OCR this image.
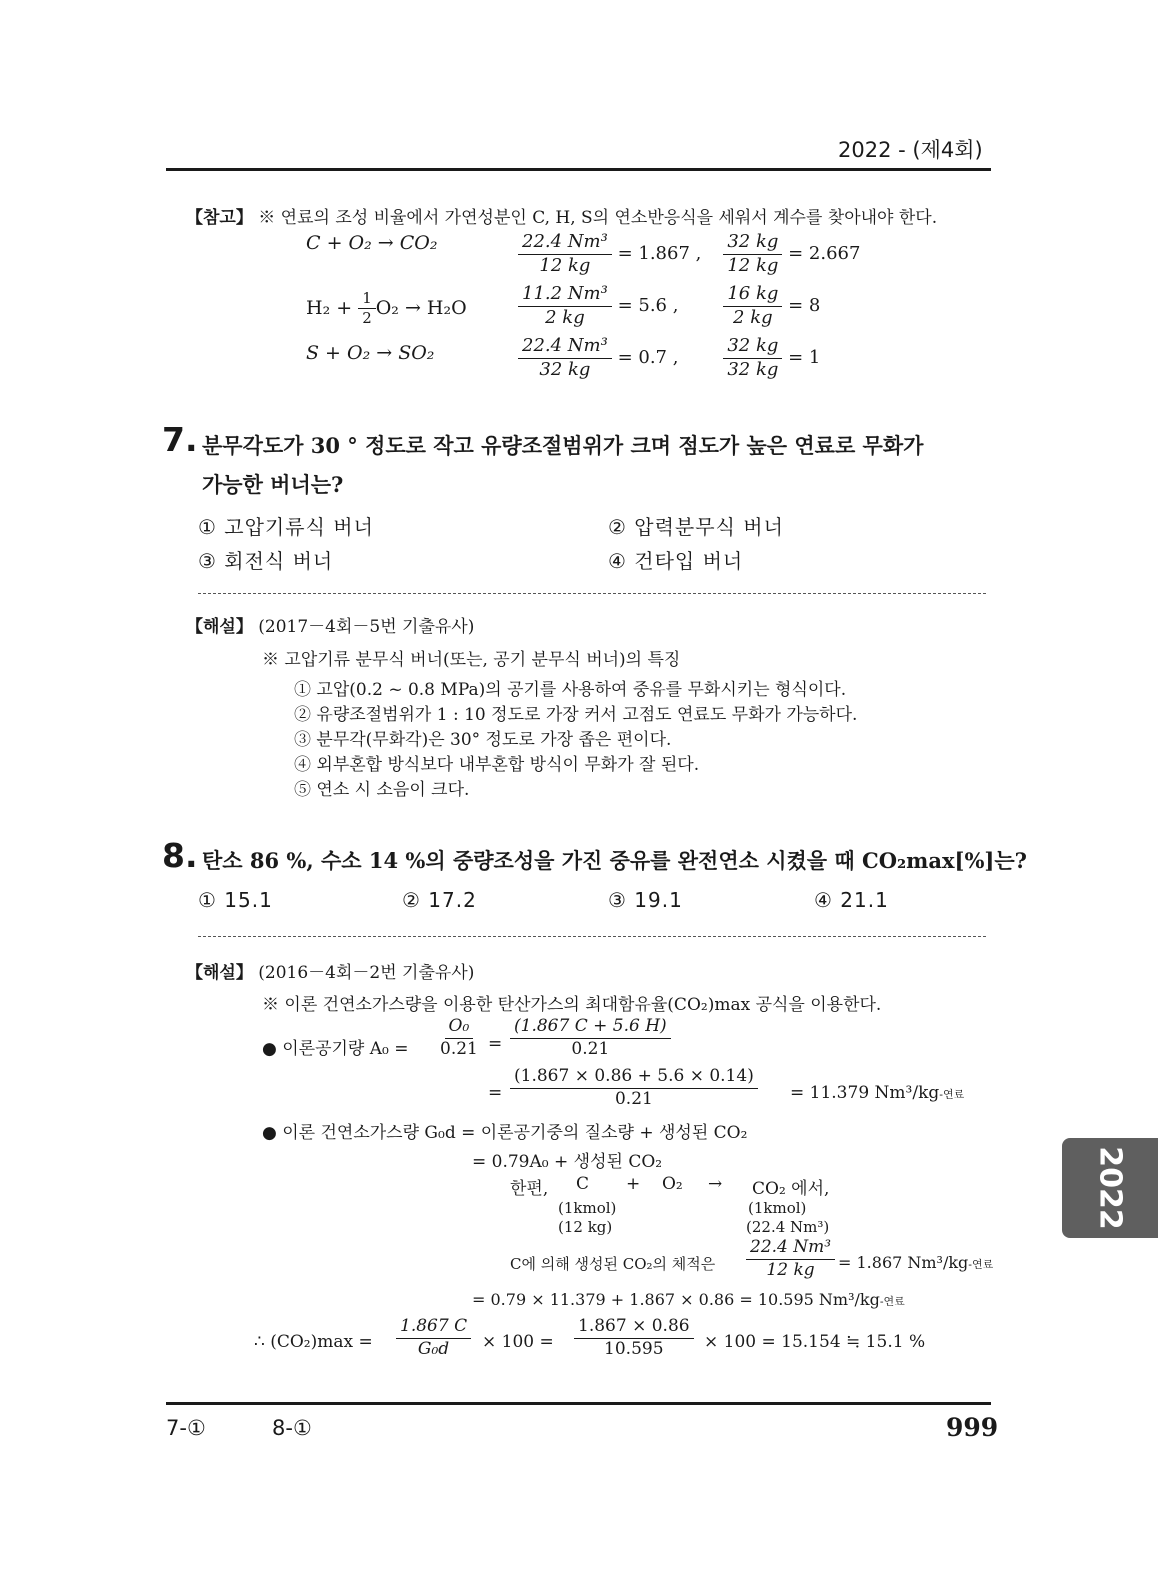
2022 - (제4회)
【참고】 ※ 연료의 조성 비율에서 가연성분인 C, H, S의 연소반응식을 세워서 계수를 찾아내야 한다.
C + O₂ → CO₂	$\frac{\text{22.4 Nm³}}{12 kg} = 1.867$ , $\frac{32 kg}{12 kg} = 2.667$
$H_2 + \frac{1}{2} O_2 \to H_2O$	$\frac{\text{11.2 Nm³}}{2 kg} = 5.6$ , $\frac{16 kg}{2 kg} = 8$
S + O₂ → SO₂	$\frac{\text{22.4 Nm³}}{32 kg} = 0.7$ , $\frac{32 kg}{32 kg} = 1$
7. 분무각도가 30 ° 정도로 작고 유량조절범위가 크며 점도가 높은 연료로 무화가
가능한 버너는?
① 고압기류식 버너	② 압력분무식 버너
③ 회전식 버너	④ 건타입 버너
【해설】 (2017－4회－5번 기출유사)
※ 고압기류 분무식 버너(또는, 공기 분무식 버너)의 특징
① 고압(0.2 ~ 0.8 MPa)의 공기를 사용하여 중유를 무화시키는 형식이다.
② 유량조절범위가 1 : 10 정도로 가장 커서 고점도 연료도 무화가 가능하다.
③ 분무각(무화각)은 30° 정도로 가장 좁은 편이다.
④ 외부혼합 방식보다 내부혼합 방식이 무화가 잘 된다.
⑤ 연소 시 소음이 크다.
8. 탄소 86 %, 수소 14 %의 중량조성을 가진 중유를 완전연소 시켰을 때 CO₂max[%]는?
① 15.1	② 17.2	③ 19.1	④ 21.1
【해설】 (2016－4회－2번 기출유사)
※ 이론 건연소가스량을 이용한 탄산가스의 최대함유율(CO₂)max 공식을 이용한다.
● 이론공기량 $A_0 = \frac{\text{O₀}}{0.21} = \frac{(1.867 C + 5.6 H)}{0.21}$
= $\frac{(1.867 \times 0.86 + 5.6 \times 0.14)}{0.21} = 11.379$ Nm³/kg-연료
● 이론 건연소가스량 G₀d = 이론공기중의 질소량 + 생성된 CO₂
= 0.79A₀ + 생성된 CO₂
한편, C + O₂ → CO₂ 에서,
(1kmol)
(12 kg)
(1kmol)
(22.4 Nm³)
C에 의해 생성된 CO₂의 체적은 $\frac{\text{22.4 Nm³}}{12 kg} = 1.867$ Nm³/kg-연료
= 0.79 × 11.379 + 1.867 × 0.86 = 10.595 Nm³/kg-연료
∴ $(CO_2)\max = \frac{1.867 C}{\text{G₀d}} \times 100 = \frac{1.867 \times 0.86}{10.595} \times 100 = 15.154$ ≒ 15.1 %
7-①	8-①	999
2022
